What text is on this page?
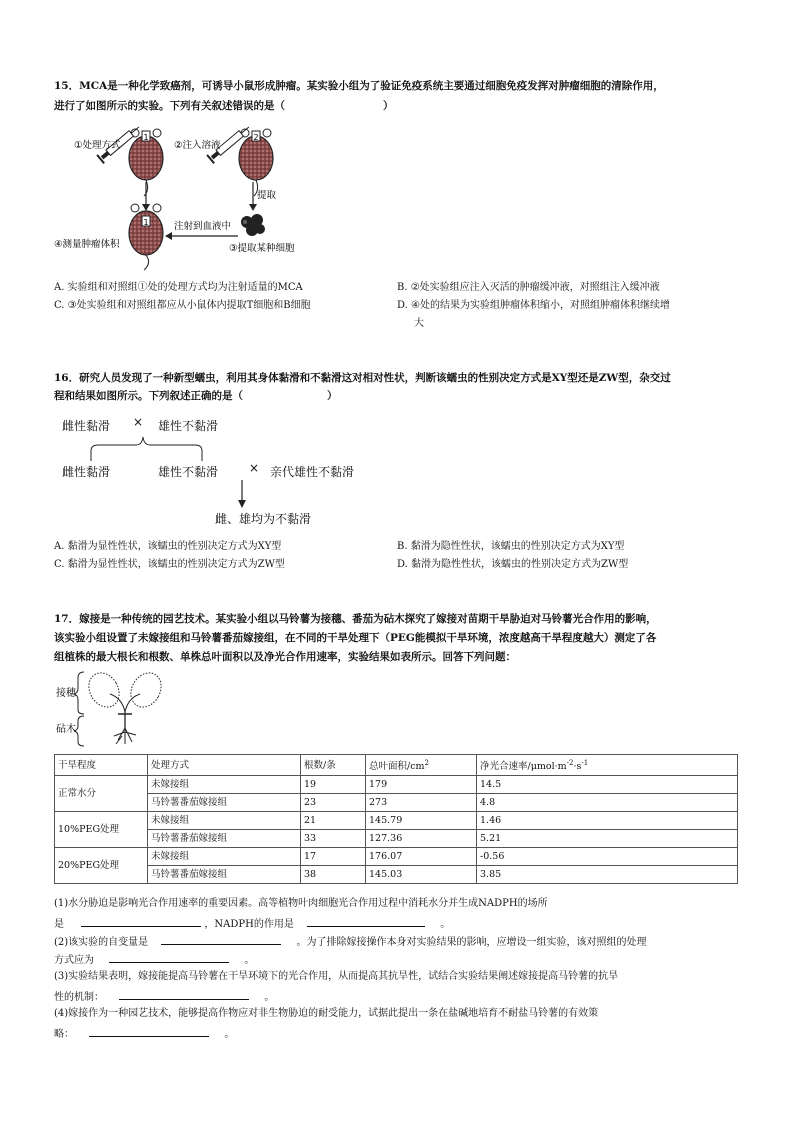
15．MCA是一种化学致癌剂，可诱导小鼠形成肿瘤。某实验小组为了验证免疫系统主要通过细胞免疫发挥对肿瘤细胞的清除作用，
进行了如图所示的实验。下列有关叙述错误的是（	）
1
①处理方式
2
②注入溶液
提取
1
④测量肿瘤体积	③提取某种细胞
注射到血液中
A. 实验组和对照组①处的处理方式均为注射适量的MCA	B. ②处实验组应注入灭活的肿瘤缓冲液，对照组注入缓冲液
C. ③处实验组和对照组都应从小鼠体内提取T细胞和B细胞	D. ④处的结果为实验组肿瘤体积缩小，对照组肿瘤体积继续增
大
16．研究人员发现了一种新型蠕虫，利用其身体黏滑和不黏滑这对相对性状，判断该蠕虫的性别决定方式是XY型还是ZW型，杂交过
程和结果如图所示。下列叙述正确的是（	）
雌性黏滑 × 雄性不黏滑
雌性黏滑	雄性不黏滑	× 亲代雄性不黏滑
雌、雄均为不黏滑
A. 黏滑为显性性状，该蠕虫的性别决定方式为XY型	B. 黏滑为隐性性状，该蠕虫的性别决定方式为XY型
C. 黏滑为显性性状，该蠕虫的性别决定方式为ZW型	D. 黏滑为隐性性状，该蠕虫的性别决定方式为ZW型
17．嫁接是一种传统的园艺技术。某实验小组以马铃薯为接穗、番茄为砧木探究了嫁接对苗期干旱胁迫对马铃薯光合作用的影响，
该实验小组设置了未嫁接组和马铃薯番茄嫁接组，在不同的干旱处理下（PEG能模拟干旱环境，浓度越高干旱程度越大）测定了各
组植株的最大根长和根数、单株总叶面积以及净光合作用速率，实验结果如表所示。回答下列问题：
接穗
砧木
干旱程度	处理方式	根数/条	总叶面积$/cm^2$	净光合速率$/\mu mol\cdot m^{-2}\cdot s^{-1}$
正常水分	未嫁接组	19	179	14.5
	马铃薯番茄嫁接组	23	273	4.8
10%PEG处理	未嫁接组	21	145.79	1.46
	马铃薯番茄嫁接组	33	127.36	5.21
20%PEG处理	未嫁接组	17	176.07	-0.56
	马铃薯番茄嫁接组	38	145.03	3.85
(1)水分胁迫是影响光合作用速率的重要因素。高等植物叶肉细胞光合作用过程中消耗水分并生成NADPH的场所
是	，NADPH的作用是	。
(2)该实验的自变量是	。为了排除嫁接操作本身对实验结果的影响，应增设一组实验，该对照组的处理
方式应为	。
(3)实验结果表明，嫁接能提高马铃薯在干旱环境下的光合作用，从而提高其抗旱性，试结合实验结果阐述嫁接提高马铃薯的抗旱
性的机制：	。
(4)嫁接作为一种园艺技术，能够提高作物应对非生物胁迫的耐受能力，试据此提出一条在盐碱地培育不耐盐马铃薯的有效策
略：	。
